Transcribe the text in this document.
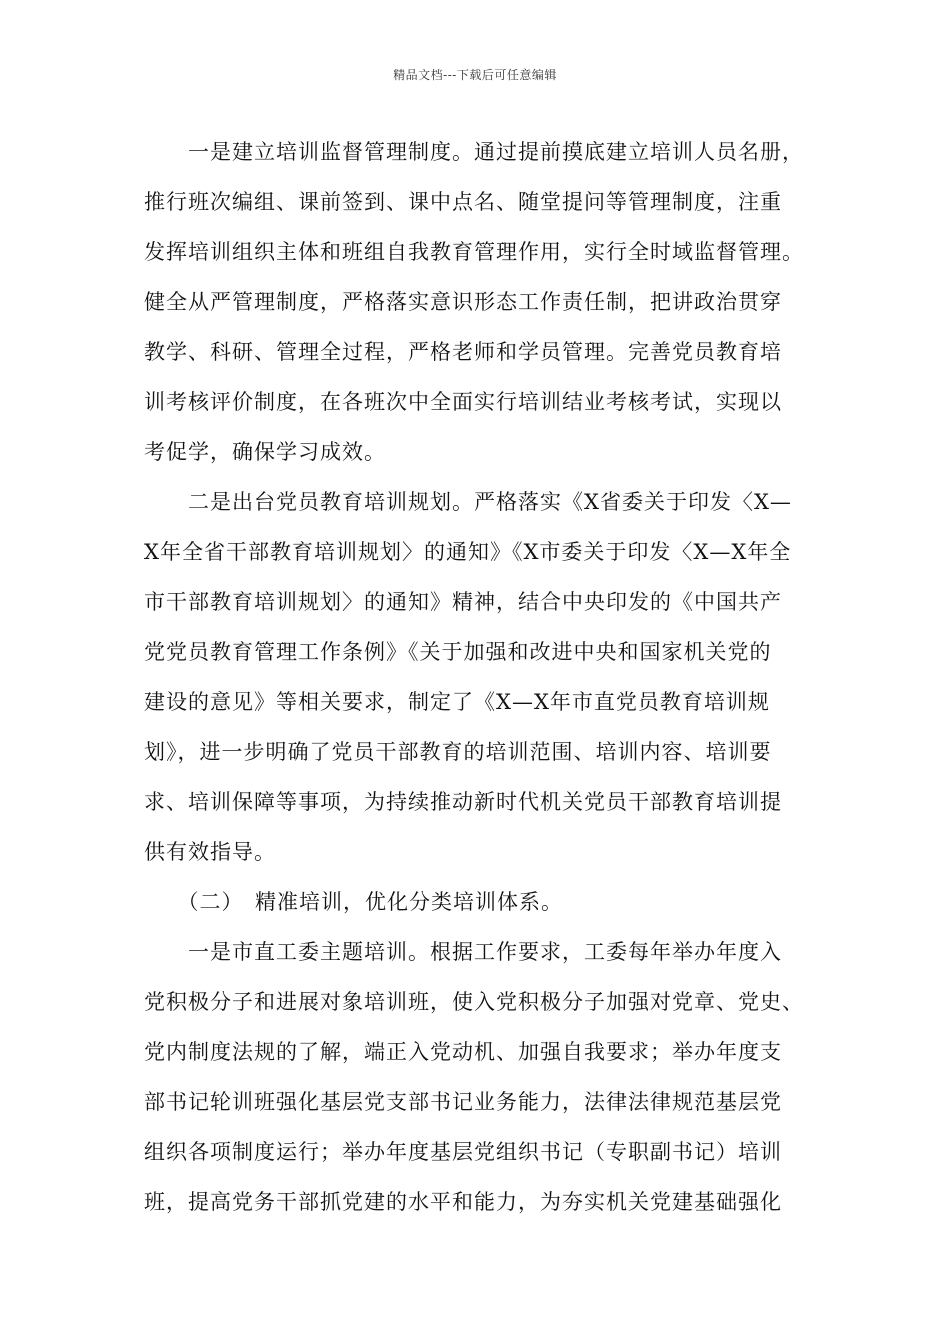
精品文档---下载后可任意编辑
　　一是建立培训监督管理制度。通过提前摸底建立培训人员名册，
推行班次编组、课前签到、课中点名、随堂提问等管理制度，注重
发挥培训组织主体和班组自我教育管理作用，实行全时域监督管理。
健全从严管理制度，严格落实意识形态工作责任制，把讲政治贯穿
教学、科研、管理全过程，严格老师和学员管理。完善党员教育培
训考核评价制度，在各班次中全面实行培训结业考核考试，实现以
考促学，确保学习成效。
　　二是出台党员教育培训规划。严格落实《X省委关于印发〈X—
X年全省干部教育培训规划〉的通知》《X市委关于印发〈X—X年全
市干部教育培训规划〉的通知》精神，结合中央印发的《中国共产
党党员教育管理工作条例》《关于加强和改进中央和国家机关党的
建设的意见》等相关要求，制定了《X—X年市直党员教育培训规
划》，进一步明确了党员干部教育的培训范围、培训内容、培训要
求、培训保障等事项，为持续推动新时代机关党员干部教育培训提
供有效指导。
　　（二）　精准培训，优化分类培训体系。
　　一是市直工委主题培训。根据工作要求，工委每年举办年度入
党积极分子和进展对象培训班，使入党积极分子加强对党章、党史、
党内制度法规的了解，端正入党动机、加强自我要求；举办年度支
部书记轮训班强化基层党支部书记业务能力，法律法律规范基层党
组织各项制度运行；举办年度基层党组织书记（专职副书记）培训
班，提高党务干部抓党建的水平和能力，为夯实机关党建基础强化
